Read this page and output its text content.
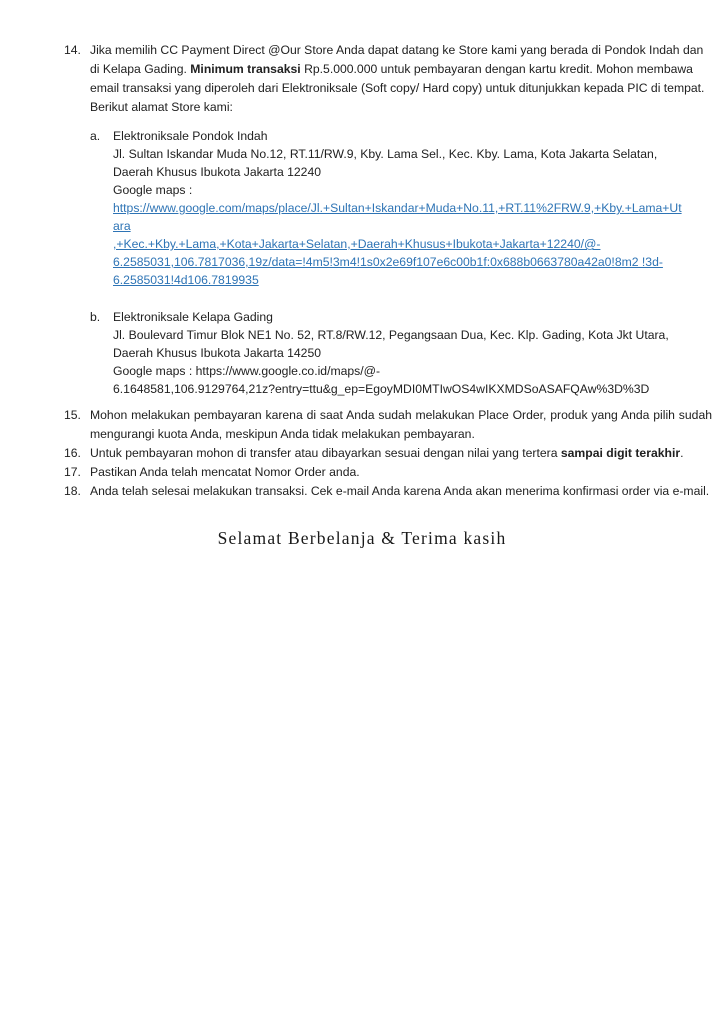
14. Jika memilih CC Payment Direct @Our Store Anda dapat datang ke Store kami yang berada di Pondok Indah dan di Kelapa Gading. Minimum transaksi Rp.5.000.000 untuk pembayaran dengan kartu kredit. Mohon membawa email transaksi yang diperoleh dari Elektroniksale (Soft copy/ Hard copy) untuk ditunjukkan kepada PIC di tempat. Berikut alamat Store kami:
a.	Elektroniksale Pondok Indah
Jl. Sultan Iskandar Muda No.12, RT.11/RW.9, Kby. Lama Sel., Kec. Kby. Lama, Kota Jakarta Selatan, Daerah Khusus Ibukota Jakarta 12240
Google maps :
https://www.google.com/maps/place/Jl.+Sultan+Iskandar+Muda+No.11,+RT.11%2FRW.9,+Kby.+Lama+Utara
,+Kec.+Kby.+Lama,+Kota+Jakarta+Selatan,+Daerah+Khusus+Ibukota+Jakarta+12240/@-
6.2585031,106.7817036,19z/data=!4m5!3m4!1s0x2e69f107e6c00b1f:0x688b0663780a42a0!8m2 !3d-
6.2585031!4d106.7819935
b.	Elektroniksale Kelapa Gading
Jl. Boulevard Timur Blok NE1 No. 52, RT.8/RW.12, Pegangsaan Dua, Kec. Klp. Gading, Kota Jkt Utara, Daerah Khusus Ibukota Jakarta 14250
Google maps : https://www.google.co.id/maps/@-
6.1648581,106.9129764,21z?entry=ttu&g_ep=EgoyMDI0MTIwOS4wIKXMDSoASAFQAw%3D%3D
15. Mohon melakukan pembayaran karena di saat Anda sudah melakukan Place Order, produk yang Anda pilih sudah mengurangi kuota Anda, meskipun Anda tidak melakukan pembayaran.
16. Untuk pembayaran mohon di transfer atau dibayarkan sesuai dengan nilai yang tertera sampai digit terakhir.
17. Pastikan Anda telah mencatat Nomor Order anda.
18. Anda telah selesai melakukan transaksi. Cek e-mail Anda karena Anda akan menerima konfirmasi order via e-mail.
Selamat Berbelanja & Terima kasih
